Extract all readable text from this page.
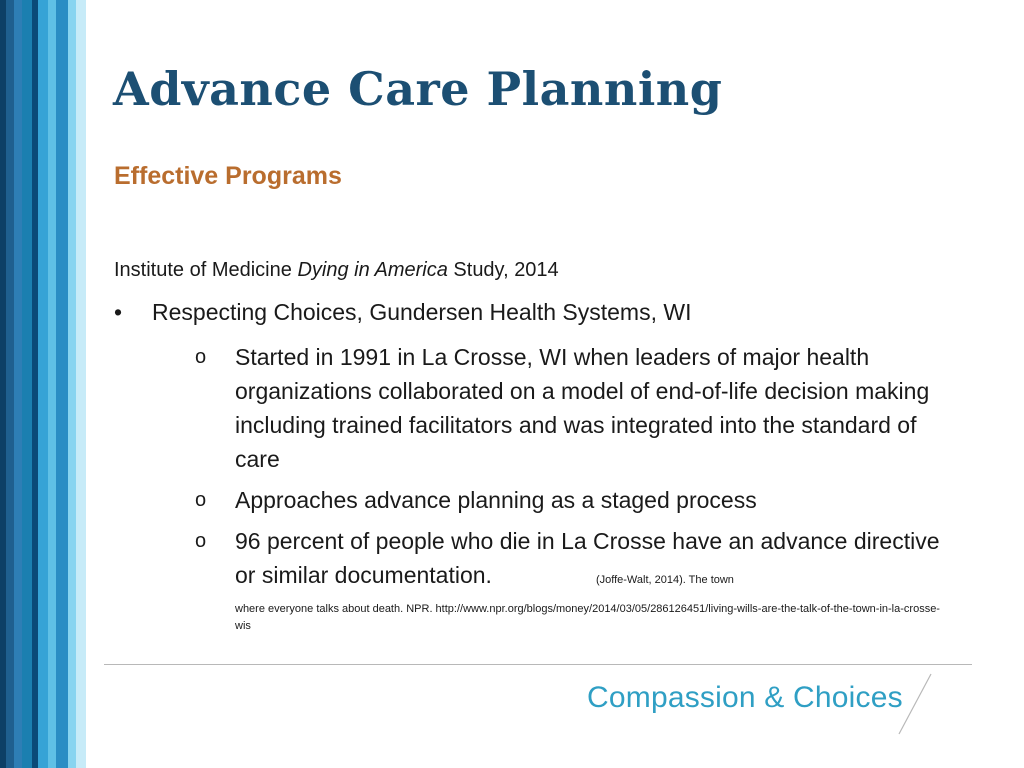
Advance Care Planning
Effective Programs
Institute of Medicine Dying in America Study, 2014
• Respecting Choices, Gundersen Health Systems, WI
o	Started in 1991 in La Crosse, WI when leaders of major health organizations collaborated on a model of end-of-life decision making including trained facilitators and was integrated into the standard of care
o	Approaches advance planning as a staged process
o	96 percent of people who die in La Crosse have an advance directive or similar documentation.	(Joffe-Walt, 2014). The town
where everyone talks about death. NPR. http://www.npr.org/blogs/money/2014/03/05/286126451/living-wills-are-the-talk-of-the-town-in-la-crosse-wis
Compassion & Choices
